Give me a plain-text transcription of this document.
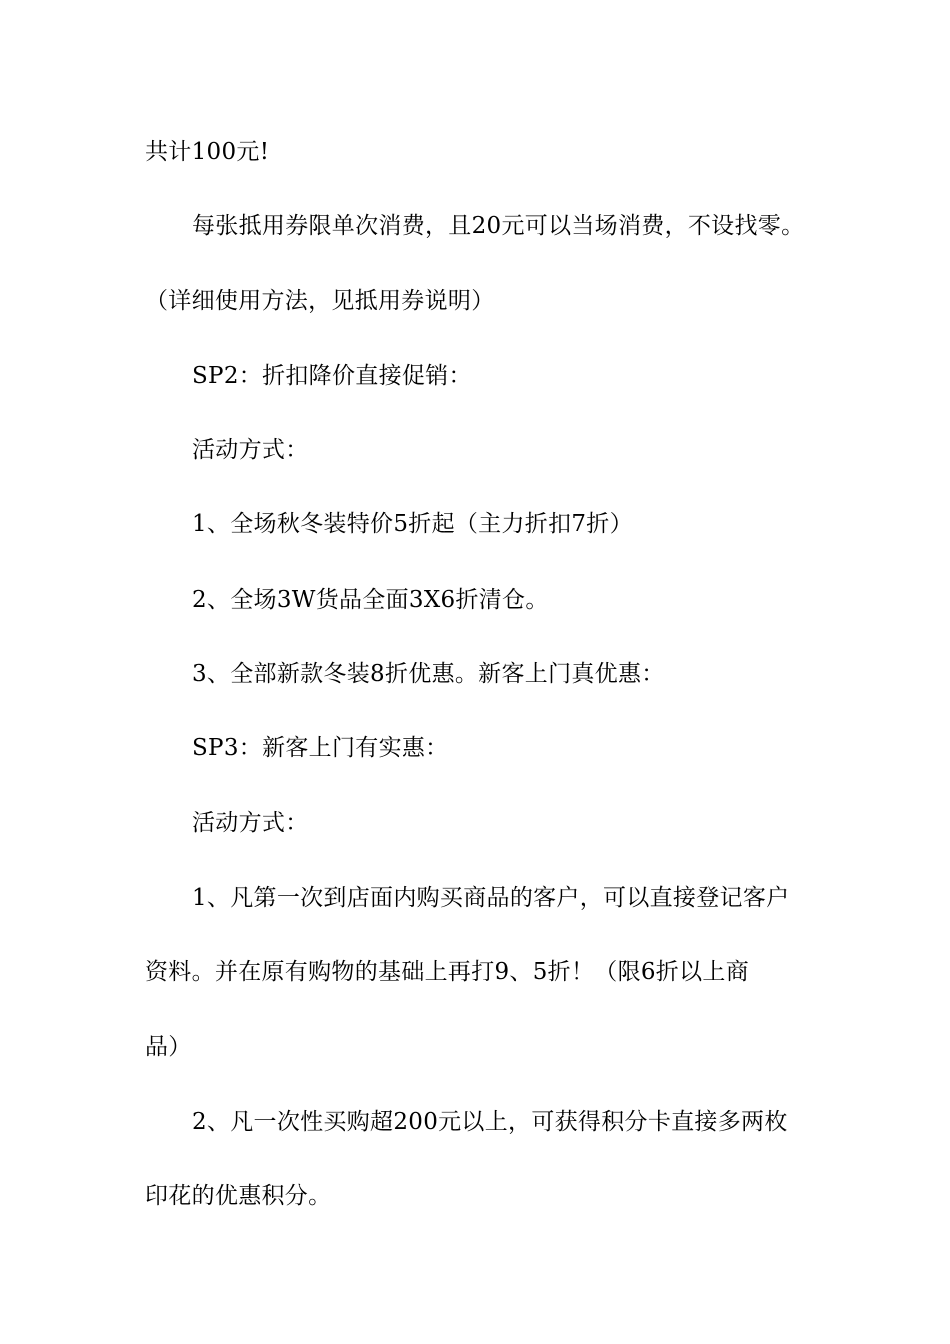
共计100元!
每张抵用券限单次消费，且20元可以当场消费，不设找零。
（详细使用方法，见抵用券说明）
SP2：折扣降价直接促销：
活动方式：
1、全场秋冬装特价5折起（主力折扣7折）
2、全场3W货品全面3X6折清仓。
3、全部新款冬装8折优惠。新客上门真优惠：
SP3：新客上门有实惠：
活动方式：
1、凡第一次到店面内购买商品的客户，可以直接登记客户
资料。并在原有购物的基础上再打9、5折！（限6折以上商
品）
2、凡一次性买购超200元以上，可获得积分卡直接多两枚
印花的优惠积分。
